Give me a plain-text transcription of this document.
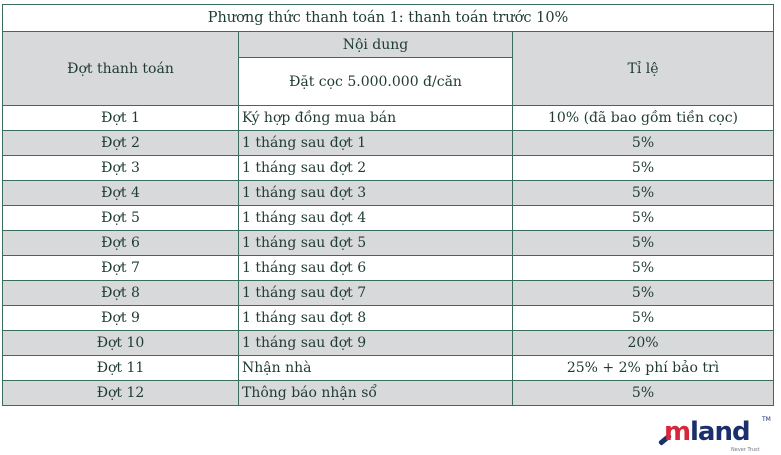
Phương thức thanh toán 1: thanh toán trước 10%		
Đợt thanh toán	Nội dung	Tỉ lệ
	Đặt cọc 5.000.000 đ/căn	
Đợt 1	Ký hợp đồng mua bán	10% (đã bao gồm tiền cọc)
Đợt 2	1 tháng sau đợt 1	5%
Đợt 3	1 tháng sau đợt 2	5%
Đợt 4	1 tháng sau đợt 3	5%
Đợt 5	1 tháng sau đợt 4	5%
Đợt 6	1 tháng sau đợt 5	5%
Đợt 7	1 tháng sau đợt 6	5%
Đợt 8	1 tháng sau đợt 7	5%
Đợt 9	1 tháng sau đợt 8	5%
Đợt 10	1 tháng sau đợt 9	20%
Đợt 11	Nhận nhà	25% + 2% phí bảo trì
Đợt 12	Thông báo nhận sổ	5%
m land TM
Never Trust
